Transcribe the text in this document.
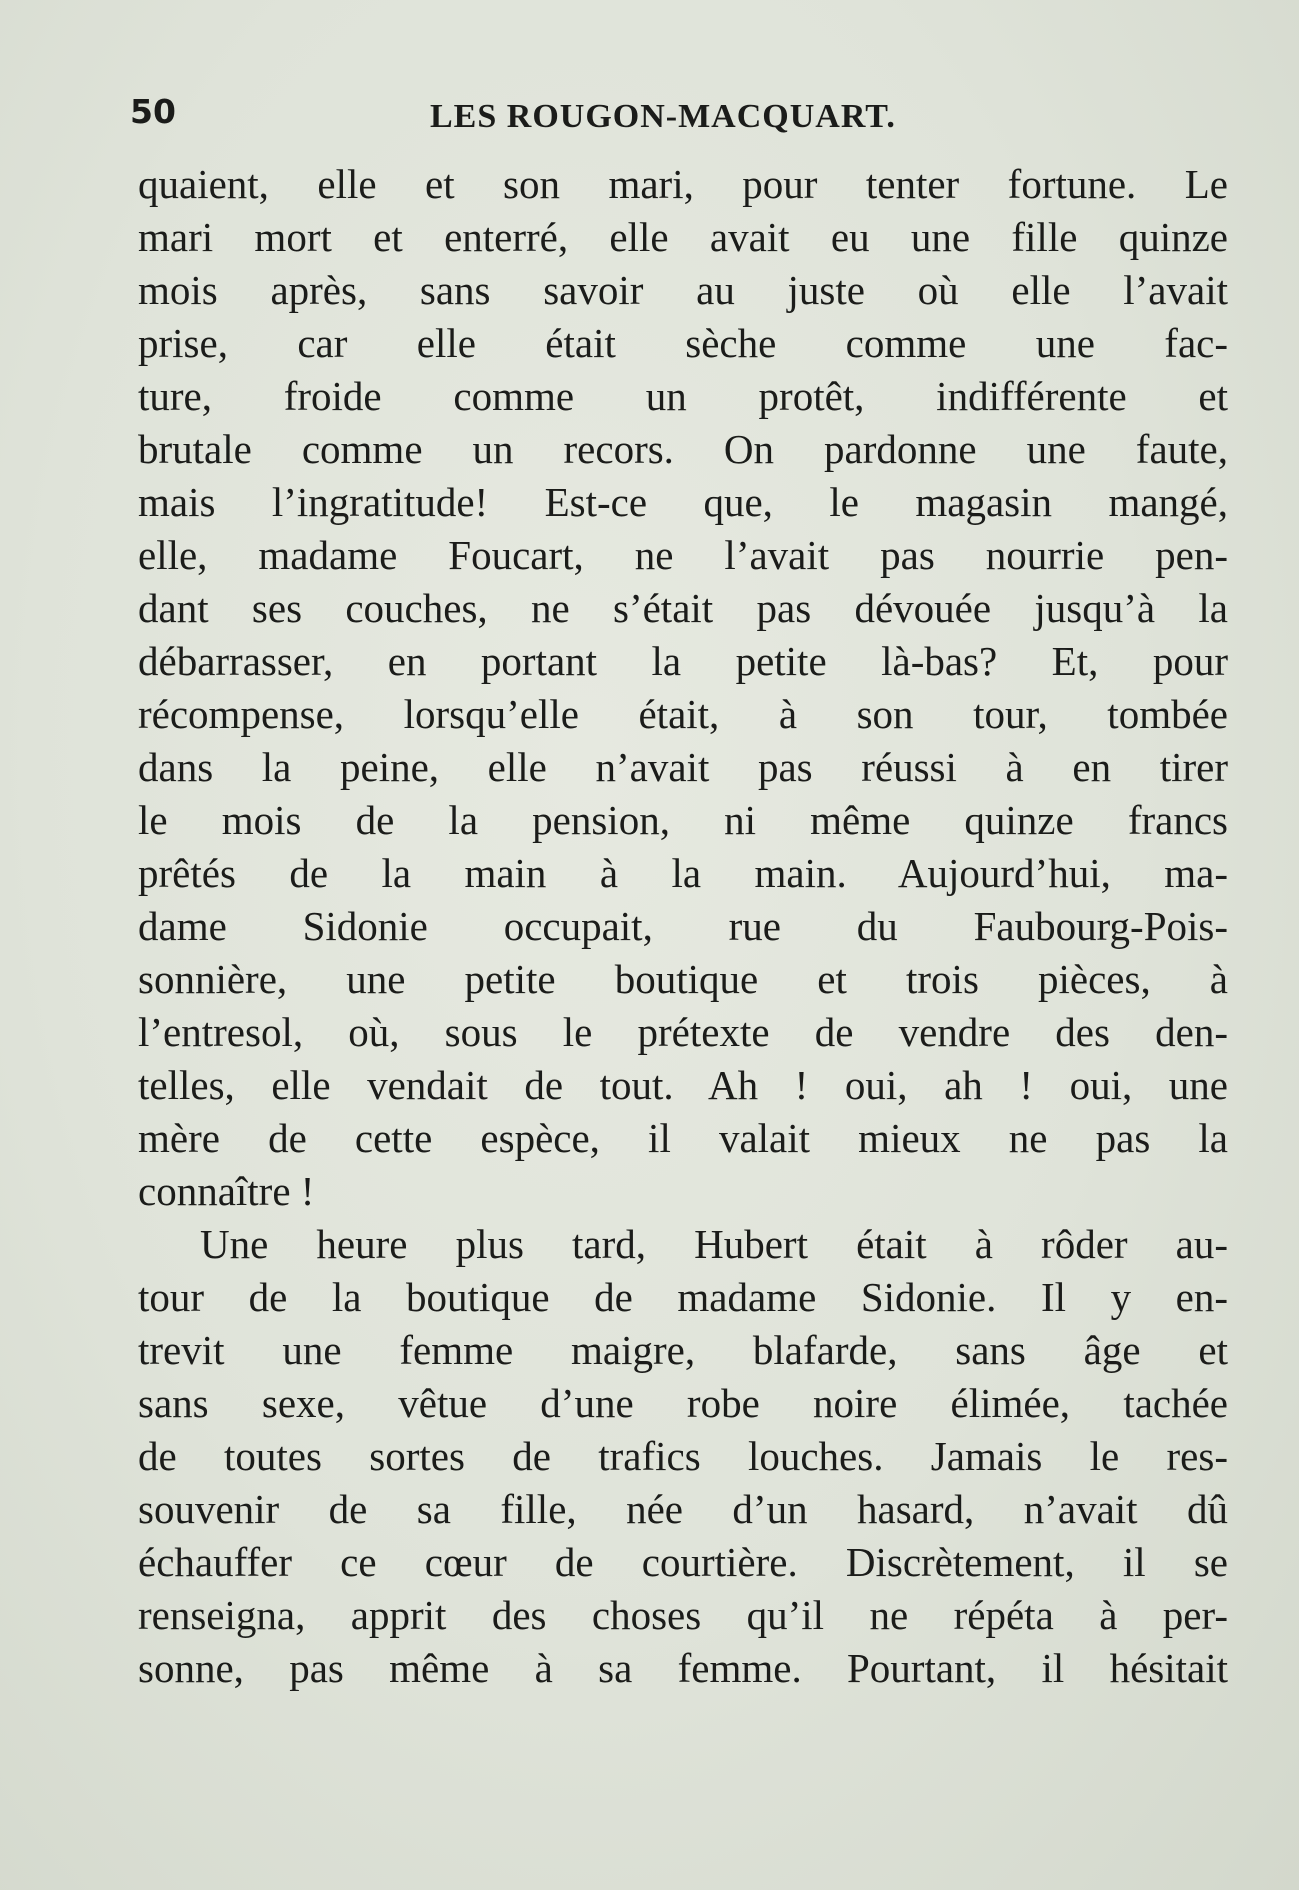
50	LES ROUGON-MACQUART.
quaient, elle et son mari, pour tenter fortune. Le
mari mort et enterré, elle avait eu une fille quinze
mois après, sans savoir au juste où elle l’avait
prise, car elle était sèche comme une fac-
ture, froide comme un protêt, indifférente et
brutale comme un recors. On pardonne une faute,
mais l’ingratitude! Est-ce que, le magasin mangé,
elle, madame Foucart, ne l’avait pas nourrie pen-
dant ses couches, ne s’était pas dévouée jusqu’à la
débarrasser, en portant la petite là-bas? Et, pour
récompense, lorsqu’elle était, à son tour, tombée
dans la peine, elle n’avait pas réussi à en tirer
le mois de la pension, ni même quinze francs
prêtés de la main à la main. Aujourd’hui, ma-
dame Sidonie occupait, rue du Faubourg-Pois-
sonnière, une petite boutique et trois pièces, à
l’entresol, où, sous le prétexte de vendre des den-
telles, elle vendait de tout. Ah ! oui, ah ! oui, une
mère de cette espèce, il valait mieux ne pas la
connaître !
Une heure plus tard, Hubert était à rôder au-
tour de la boutique de madame Sidonie. Il y en-
trevit une femme maigre, blafarde, sans âge et
sans sexe, vêtue d’une robe noire élimée, tachée
de toutes sortes de trafics louches. Jamais le res-
souvenir de sa fille, née d’un hasard, n’avait dû
échauffer ce cœur de courtière. Discrètement, il se
renseigna, apprit des choses qu’il ne répéta à per-
sonne, pas même à sa femme. Pourtant, il hésitait
